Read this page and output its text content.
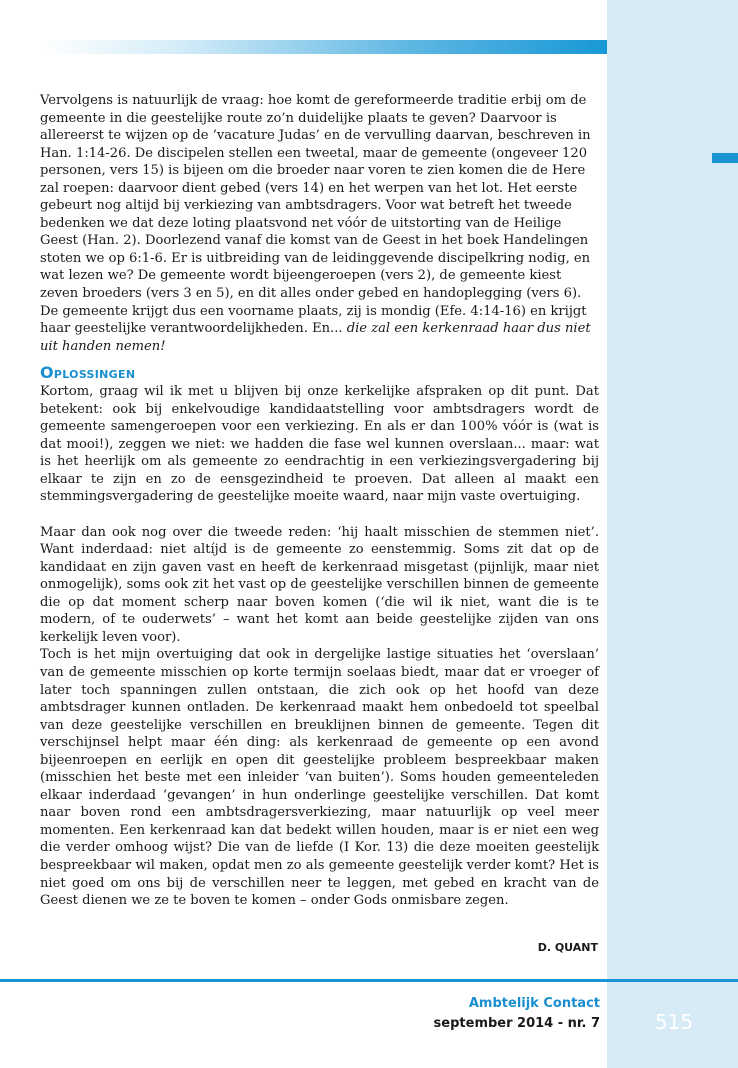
Vervolgens is natuurlijk de vraag: hoe komt de gereformeerde traditie erbij om de gemeente in die geestelijke route zo’n duidelijke plaats te geven? Daarvoor is allereerst te wijzen op de ‘vacature Judas’ en de vervulling daarvan, beschreven in Han. 1:14-26. De discipelen stellen een tweetal, maar de gemeente (ongeveer 120 personen, vers 15) is bijeen om die broeder naar voren te zien komen die de Here zal roepen: daarvoor dient gebed (vers 14) en het werpen van het lot. Het eerste gebeurt nog altijd bij verkiezing van ambtsdragers. Voor wat betreft het tweede bedenken we dat deze loting plaatsvond net vóór de uitstorting van de Heilige Geest (Han. 2). Doorlezend vanaf die komst van de Geest in het boek Handelingen stoten we op 6:1-6. Er is uitbreiding van de leidinggevende discipelkring nodig, en wat lezen we? De gemeente wordt bijeengeroepen (vers 2), de gemeente kiest zeven broeders (vers 3 en 5), en dit alles onder gebed en handoplegging (vers 6). De gemeente krijgt dus een voorname plaats, zij is mondig (Efe. 4:14-16) en krijgt haar geestelijke verantwoordelijkheden. En... die zal een kerkenraad haar dus niet uit handen nemen!

Oplossingen

Kortom, graag wil ik met u blijven bij onze kerkelijke afspraken op dit punt. Dat betekent: ook bij enkelvoudige kandidaatstelling voor ambtsdragers wordt de gemeente samengeroepen voor een verkiezing. En als er dan 100% vóór is (wat is dat mooi!), zeggen we niet: we hadden die fase wel kunnen overslaan... maar: wat is het heerlijk om als gemeente zo eendrachtig in een verkiezingsvergadering bij elkaar te zijn en zo de eensgezindheid te proeven. Dat alleen al maakt een stemmingsvergadering de geestelijke moeite waard, naar mijn vaste overtuiging.

Maar dan ook nog over die tweede reden: ‘hij haalt misschien de stemmen niet’. Want inderdaad: niet altíjd is de gemeente zo eenstemmig. Soms zit dat op de kandidaat en zijn gaven vast en heeft de kerkenraad misgetast (pijnlijk, maar niet onmogelijk), soms ook zit het vast op de geestelijke verschillen binnen de gemeente die op dat moment scherp naar boven komen (‘die wil ik niet, want die is te modern, of te ouderwets’ – want het komt aan beide geestelijke zijden van ons kerkelijk leven voor).

Toch is het mijn overtuiging dat ook in dergelijke lastige situaties het ‘overslaan’ van de gemeente misschien op korte termijn soelaas biedt, maar dat er vroeger of later toch spanningen zullen ontstaan, die zich ook op het hoofd van deze ambtsdrager kunnen ontladen. De kerkenraad maakt hem onbedoeld tot speelbal van deze geestelijke verschillen en breuklijnen binnen de gemeente. Tegen dit verschijnsel helpt maar één ding: als kerkenraad de gemeente op een avond bijeenroepen en eerlijk en open dit geestelijke probleem bespreekbaar maken (misschien het beste met een inleider ‘van buiten’). Soms houden gemeenteleden elkaar inderdaad ‘gevangen’ in hun onderlinge geestelijke verschillen. Dat komt naar boven rond een ambtsdragersverkiezing, maar natuurlijk op veel meer momenten. Een kerkenraad kan dat bedekt willen houden, maar is er niet een weg die verder omhoog wijst? Die van de liefde (I Kor. 13) die deze moeiten geestelijk bespreekbaar wil maken, opdat men zo als gemeente geestelijk verder komt? Het is niet goed om ons bij de verschillen neer te leggen, met gebed en kracht van de Geest dienen we ze te boven te komen – onder Gods onmisbare zegen.

D. QUANT
Ambtelijk Contact
september 2014 - nr. 7	515
